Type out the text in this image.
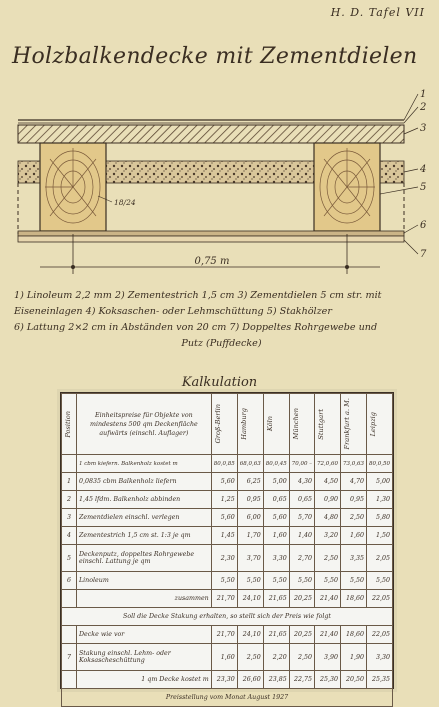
H. D. Tafel VII
Holzbalkendecke mit Zementdielen
0,75 m
18/24
1
2
3
4
5
6
7
1) Linoleum 2,2 mm 2) Zementestrich 1,5 cm 3) Zementdielen 5 cm str. mit
Eiseneinlagen 4) Koksaschen- oder Lehmschüttung 5) Stakhölzer
6) Lattung 2×2 cm in Abständen von 20 cm 7) Doppeltes Rohrgewebe und
Putz (Puffdecke)
Kalkulation
Position	Einheitspreise für Objekte von mindestens 500 qm Deckenfläche aufwärts (einschl. Auflager)	Groß-Berlin	Hamburg	Köln	München	Stuttgart	Frankfurt a. M.	Leipzig

	1 cbm kiefern. Balkenholz kostet m	80,0,85	68,0,63	80,0,45	70,00 –	72,0,60	73,0,63	80,0,50
1	0,0835 cbm Balkenholz liefern	5,60	6,25	5,00	4,30	4,50	4,70	5,00
2	1,45 lfdm. Balkenholz abbinden	1,25	0,95	0,65	0,65	0,90	0,95	1,30
3	Zementdielen einschl. verlegen	5,60	6,00	5,60	5,70	4,80	2,50	5,80
4	Zementestrich 1,5 cm st. 1:3 je qm	1,45	1,70	1,60	1,40	3,20	1,60	1,50
5	Deckenputz, doppeltes Rohrgewebe einschl. Lattung je qm	2,30	3,70	3,30	2,70	2,50	3,35	2,05
6	Linoleum	5,50	5,50	5,50	5,50	5,50	5,50	5,50
	zusammen	21,70	24,10	21,65	20,25	21,40	18,60	22,05
Soll die Decke Stakung erhalten, so stellt sich der Preis wie folgt								
	Decke wie vor	21,70	24,10	21,65	20,25	21,40	18,60	22,05
7	Stakung einschl. Lehm- oder Koksascheschüttung	1,60	2,50	2,20	2,50	3,90	1,90	3,30
	1 qm Decke kostet m	23,30	26,60	23,85	22,75	25,30	20,50	25,35
Preisstellung vom Monat August 1927								
